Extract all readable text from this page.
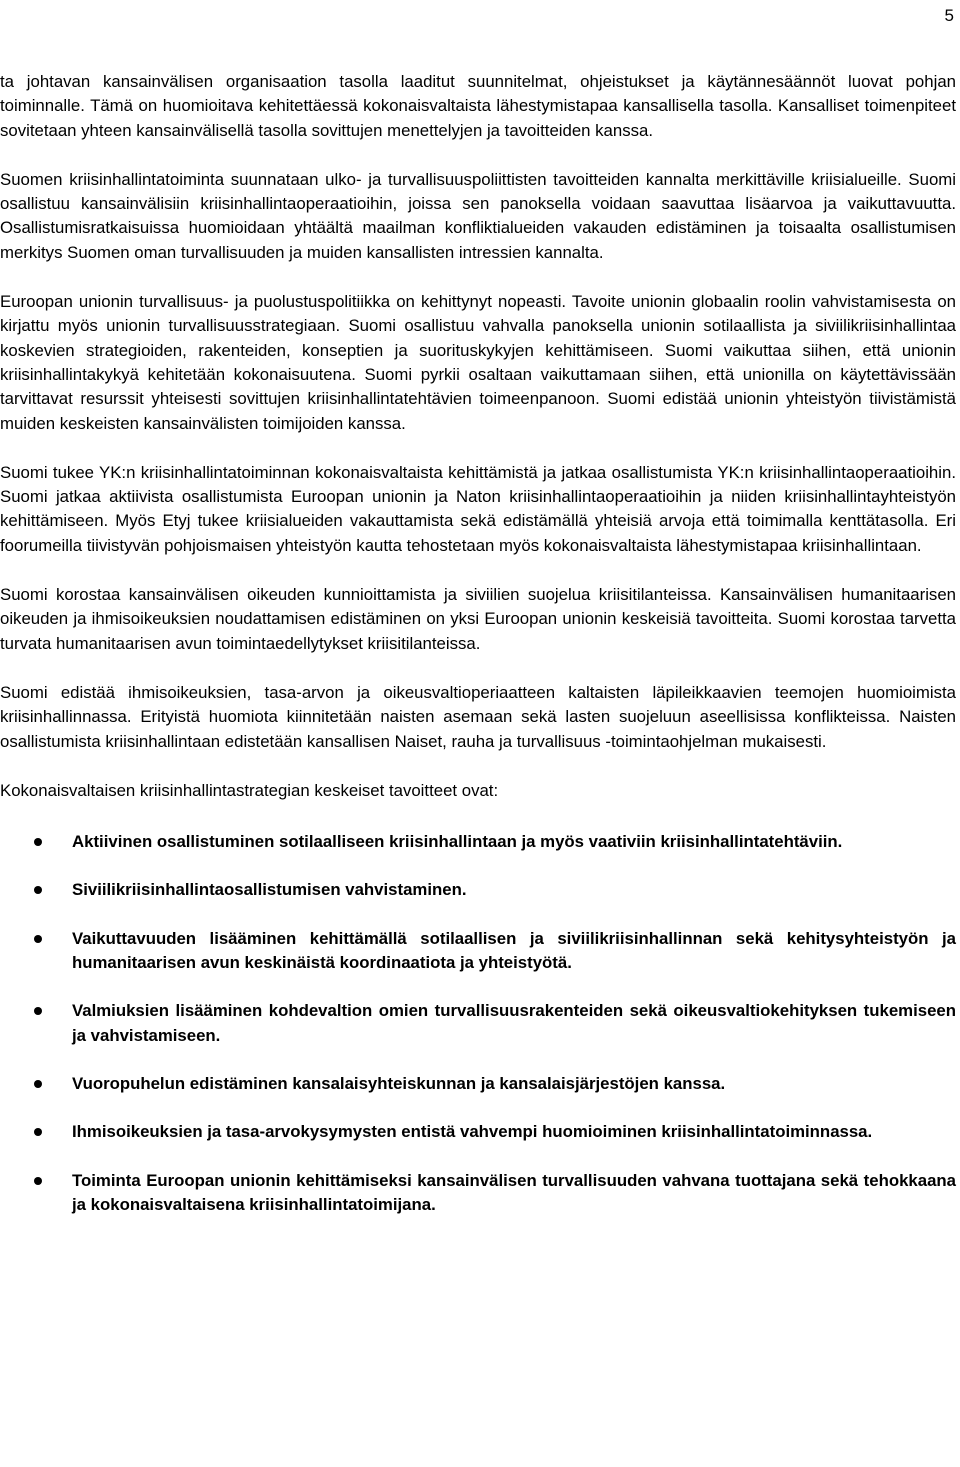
5

ta johtavan kansainvälisen organisaation tasolla laaditut suunnitelmat, ohjeistukset ja käytännesäännöt luovat pohjan toiminnalle. Tämä on huomioitava kehitettäessä kokonaisvaltaista lähestymistapaa kansallisella tasolla. Kansalliset toimenpiteet sovitetaan yhteen kansainvälisellä tasolla sovittujen menettelyjen ja tavoitteiden kanssa.

Suomen kriisinhallintatoiminta suunnataan ulko- ja turvallisuuspoliittisten tavoitteiden kannalta merkittäville kriisialueille. Suomi osallistuu kansainvälisiin kriisinhallintaoperaatioihin, joissa sen panoksella voidaan saavuttaa lisäarvoa ja vaikuttavuutta. Osallistumisratkaisuissa huomioidaan yhtäältä maailman konfliktialueiden vakauden edistäminen ja toisaalta osallistumisen merkitys Suomen oman turvallisuuden ja muiden kansallisten intressien kannalta.

Euroopan unionin turvallisuus- ja puolustuspolitiikka on kehittynyt nopeasti. Tavoite unionin globaalin roolin vahvistamisesta on kirjattu myös unionin turvallisuusstrategiaan. Suomi osallistuu vahvalla panoksella unionin sotilaallista ja siviilikriisinhallintaa koskevien strategioiden, rakenteiden, konseptien ja suorituskykyjen kehittämiseen. Suomi vaikuttaa siihen, että unionin kriisinhallintakykyä kehitetään kokonaisuutena. Suomi pyrkii osaltaan vaikuttamaan siihen, että unionilla on käytettävissään tarvittavat resurssit yhteisesti sovittujen kriisinhallintatehtävien toimeenpanoon. Suomi edistää unionin yhteistyön tiivistämistä muiden keskeisten kansainvälisten toimijoiden kanssa.

Suomi tukee YK:n kriisinhallintatoiminnan kokonaisvaltaista kehittämistä ja jatkaa osallistumista YK:n kriisinhallintaoperaatioihin. Suomi jatkaa aktiivista osallistumista Euroopan unionin ja Naton kriisinhallintaoperaatioihin ja niiden kriisinhallintayhteistyön kehittämiseen. Myös Etyj tukee kriisialueiden vakauttamista sekä edistämällä yhteisiä arvoja että toimimalla kenttätasolla. Eri foorumeilla tiivistyvän pohjoismaisen yhteistyön kautta tehostetaan myös kokonaisvaltaista lähestymistapaa kriisinhallintaan.

Suomi korostaa kansainvälisen oikeuden kunnioittamista ja siviilien suojelua kriisitilanteissa. Kansainvälisen humanitaarisen oikeuden ja ihmisoikeuksien noudattamisen edistäminen on yksi Euroopan unionin keskeisiä tavoitteita. Suomi korostaa tarvetta turvata humanitaarisen avun toimintaedellytykset kriisitilanteissa.

Suomi edistää ihmisoikeuksien, tasa-arvon ja oikeusvaltioperiaatteen kaltaisten läpileikkaavien teemojen huomioimista kriisinhallinnassa. Erityistä huomiota kiinnitetään naisten asemaan sekä lasten suojeluun aseellisissa konflikteissa. Naisten osallistumista kriisinhallintaan edistetään kansallisen Naiset, rauha ja turvallisuus -toimintaohjelman mukaisesti.

Kokonaisvaltaisen kriisinhallintastrategian keskeiset tavoitteet ovat:

Aktiivinen osallistuminen sotilaalliseen kriisinhallintaan ja myös vaativiin kriisinhallintatehtäviin.
Siviilikriisinhallintaosallistumisen vahvistaminen.
Vaikuttavuuden lisääminen kehittämällä sotilaallisen ja siviilikriisinhallinnan sekä kehitysyhteistyön ja humanitaarisen avun keskinäistä koordinaatiota ja yhteistyötä.
Valmiuksien lisääminen kohdevaltion omien turvallisuusrakenteiden sekä oikeusvaltiokehityksen tukemiseen ja vahvistamiseen.
Vuoropuhelun edistäminen kansalaisyhteiskunnan ja kansalaisjärjestöjen kanssa.
Ihmisoikeuksien ja tasa-arvokysymysten entistä vahvempi huomioiminen kriisinhallintatoiminnassa.
Toiminta Euroopan unionin kehittämiseksi kansainvälisen turvallisuuden vahvana tuottajana sekä tehokkaana ja kokonaisvaltaisena kriisinhallintatoimijana.
